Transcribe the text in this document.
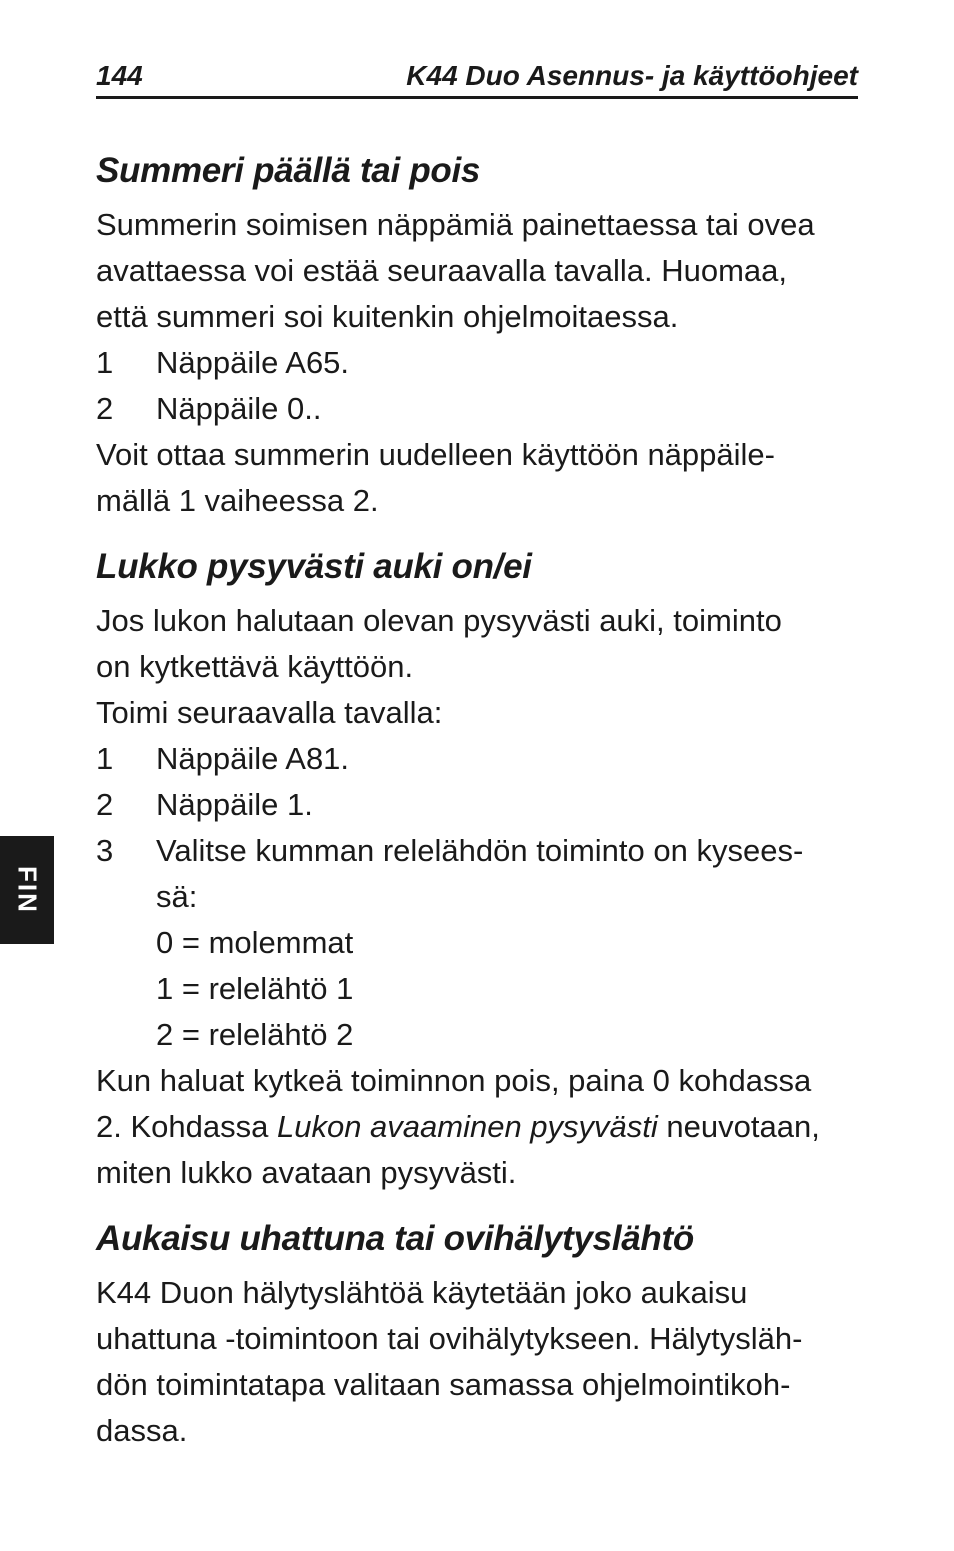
144	K44 Duo Asennus- ja käyttöohjeet
FIN
Summeri päällä tai pois

Summerin soimisen näppämiä painettaessa tai ovea

avattaessa voi estää seuraavalla tavalla. Huomaa,

että summeri soi kuitenkin ohjelmoitaessa.

1 Näppäile A65.
2 Näppäile 0..

Voit ottaa summerin uudelleen käyttöön näppäile-

mällä 1 vaiheessa 2.

Lukko pysyvästi auki on/ei

Jos lukon halutaan olevan pysyvästi auki, toiminto

on kytkettävä käyttöön.

Toimi seuraavalla tavalla:

1 Näppäile A81.
2 Näppäile 1.
3 Valitse kumman relelähdön toiminto on kysees-
sä:
0 = molemmat
1 = relelähtö 1
2 = relelähtö 2

Kun haluat kytkeä toiminnon pois, paina 0 kohdassa

2. Kohdassa Lukon avaaminen pysyvästi neuvotaan,

miten lukko avataan pysyvästi.

Aukaisu uhattuna tai ovihälytyslähtö

K44 Duon hälytyslähtöä käytetään joko aukaisu

uhattuna -toimintoon tai ovihälytykseen. Hälytysläh-

dön toimintatapa valitaan samassa ohjelmointikoh-

dassa.
